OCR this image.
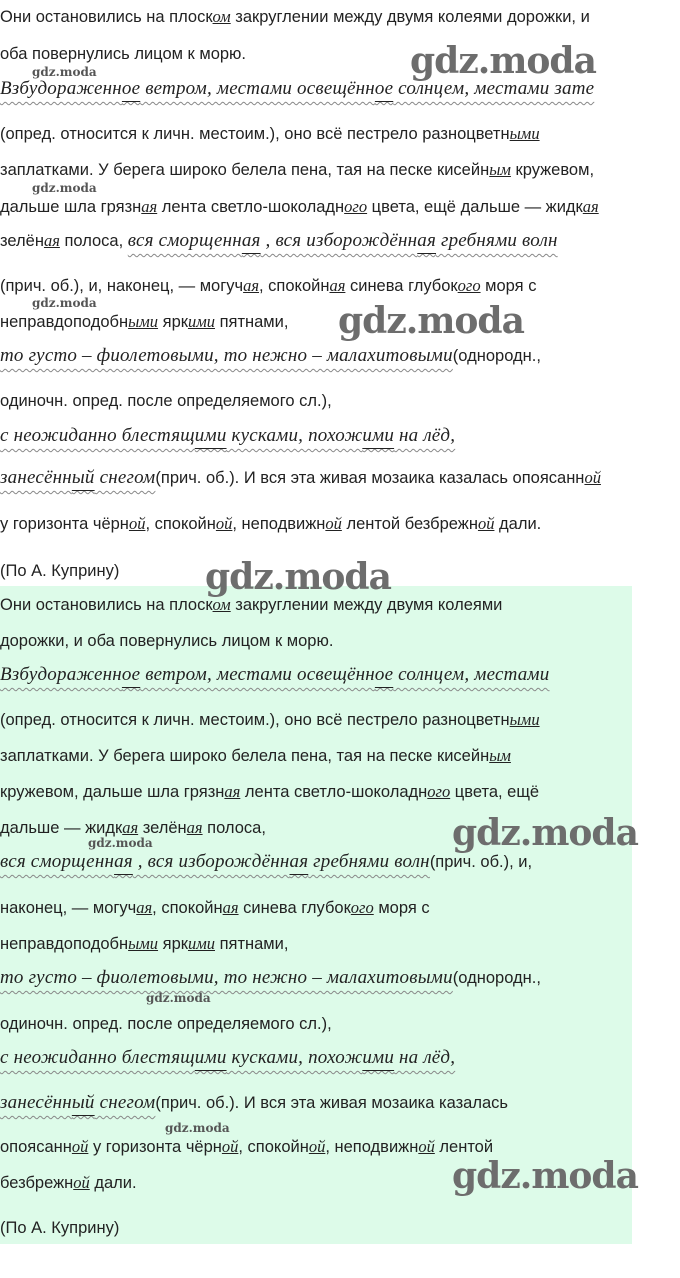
Они остановились на плоском закруглении между двумя колеями дорожки, и
оба повернулись лицом к морю.
Взбудораженное ветром, местами освещённое солнцем, местами зате
(опред. относится к личн. местоим.), оно всё пестрело разноцветными
заплатками. У берега широко белела пена, тая на песке кисейным кружевом,
дальше шла грязная лента светло-шоколадного цвета, ещё дальше — жидкая
зелёная полоса, вся сморщенная , вся изборождённая гребнями волн
(прич. об.), и, наконец, — могучая, спокойная синева глубокого моря с
неправдоподобными яркими пятнами,
то густо – фиолетовыми, то нежно – малахитовыми(однородн.,
одиночн. опред. после определяемого сл.),
с неожиданно блестящими кусками, похожими на лёд,
занесённый снегом(прич. об.). И вся эта живая мозаика казалась опоясанной
у горизонта чёрной, спокойной, неподвижной лентой безбрежной дали.
(По А. Куприну)
Они остановились на плоском закруглении между двумя колеями
дорожки, и оба повернулись лицом к морю.
Взбудораженное ветром, местами освещённое солнцем, местами
(опред. относится к личн. местоим.), оно всё пестрело разноцветными
заплатками. У берега широко белела пена, тая на песке кисейным
кружевом, дальше шла грязная лента светло-шоколадного цвета, ещё
дальше — жидкая зелёная полоса,
вся сморщенная , вся изборождённая гребнями волн(прич. об.), и,
наконец, — могучая, спокойная синева глубокого моря с
неправдоподобными яркими пятнами,
то густо – фиолетовыми, то нежно – малахитовыми(однородн.,
одиночн. опред. после определяемого сл.),
с неожиданно блестящими кусками, похожими на лёд,
занесённый снегом(прич. об.). И вся эта живая мозаика казалась
опоясанной у горизонта чёрной, спокойной, неподвижной лентой
безбрежной дали.
(По А. Куприну)
gdz.moda
gdz.moda
gdz.moda
gdz.moda	gdz.moda
gdz.moda
gdz.moda	gdz.moda
gdz.moda
gdz.moda
gdz.moda
